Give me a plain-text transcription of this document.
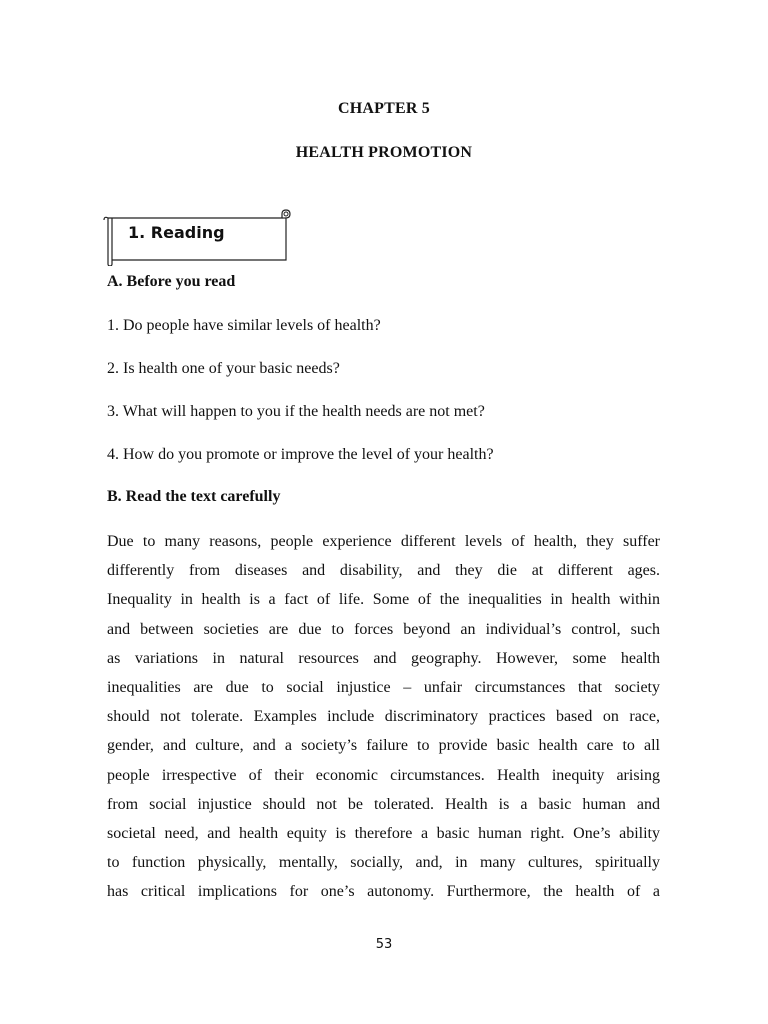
CHAPTER 5
HEALTH PROMOTION
1. Reading
A. Before you read
1. Do people have similar levels of health?
2. Is health one of your basic needs?
3. What will happen to you if the health needs are not met?
4. How do you promote or improve the level of your health?
B. Read the text carefully
Due to many reasons, people experience different levels of health, they suffer
differently from diseases and disability, and they die at different ages.
Inequality in health is a fact of life. Some of the inequalities in health within
and between societies are due to forces beyond an individual’s control, such
as variations in natural resources and geography. However, some health
inequalities are due to social injustice – unfair circumstances that society
should not tolerate. Examples include discriminatory practices based on race,
gender, and culture, and a society’s failure to provide basic health care to all
people irrespective of their economic circumstances. Health inequity arising
from social injustice should not be tolerated. Health is a basic human and
societal need, and health equity is therefore a basic human right. One’s ability
to function physically, mentally, socially, and, in many cultures, spiritually
has critical implications for one’s autonomy. Furthermore, the health of a
53
